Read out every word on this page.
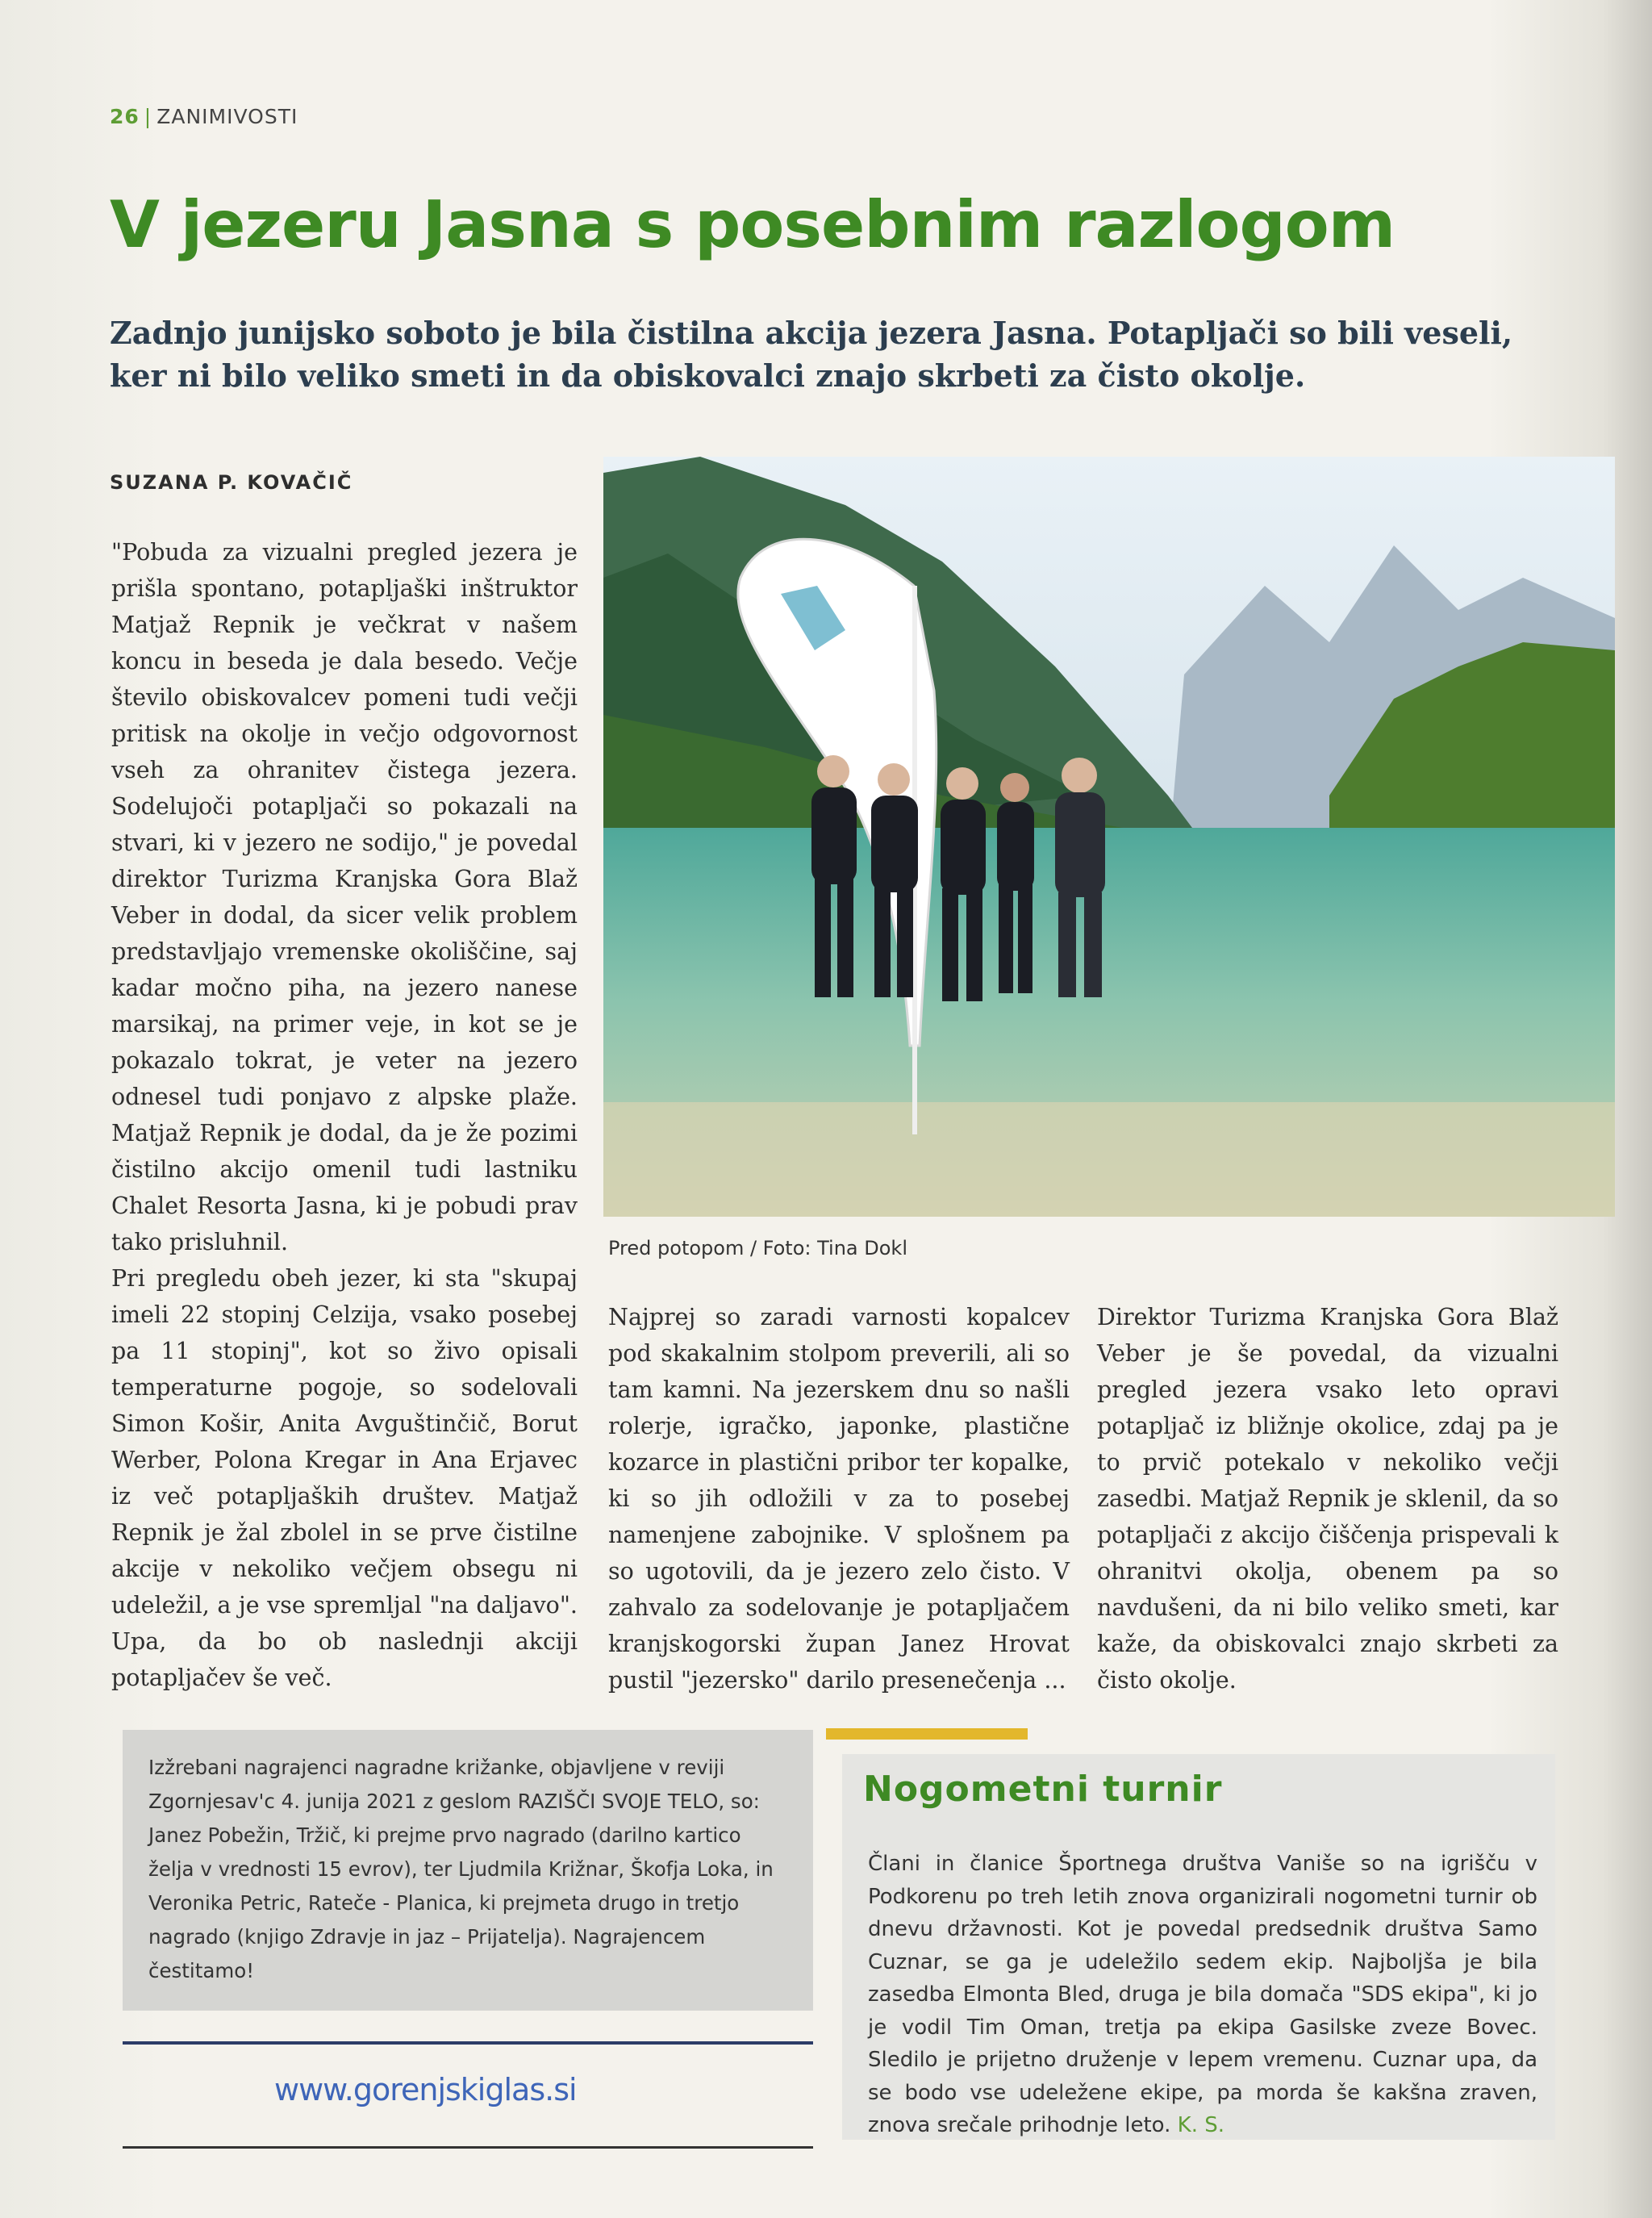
26 | ZANIMIVOSTI
V jezeru Jasna s posebnim razlogom
Zadnjo junijsko soboto je bila čistilna akcija jezera Jasna. Potapljači so bili veseli, ker ni bilo veliko smeti in da obiskovalci znajo skrbeti za čisto okolje.
SUZANA P. KOVAČIČ

"Pobuda za vizualni pregled jezera je prišla spontano, potapljaški inštruktor Matjaž Repnik je večkrat v našem koncu in beseda je dala besedo. Večje število obiskovalcev pomeni tudi večji pritisk na okolje in večjo odgovornost vseh za ohranitev čistega jezera. Sodelujoči potapljači so pokazali na stvari, ki v jezero ne sodijo," je povedal direktor Turizma Kranjska Gora Blaž Veber in dodal, da sicer velik problem predstavljajo vremenske okoliščine, saj kadar močno piha, na jezero nanese marsikaj, na primer veje, in kot se je pokazalo tokrat, je veter na jezero odnesel tudi ponjavo z alpske plaže. Matjaž Repnik je dodal, da je že pozimi čistilno akcijo omenil tudi lastniku Chalet Resorta Jasna, ki je pobudi prav tako prisluhnil.

Pri pregledu obeh jezer, ki sta "skupaj imeli 22 stopinj Celzija, vsako posebej pa 11 stopinj", kot so živo opisali temperaturne pogoje, so sodelovali Simon Košir, Anita Avguštinčič, Borut Werber, Polona Kregar in Ana Erjavec iz več potapljaških društev. Matjaž Repnik je žal zbolel in se prve čistilne akcije v nekoliko večjem obsegu ni udeležil, a je vse spremljal "na daljavo". Upa, da bo ob naslednji akciji potapljačev še več.

Pred potopom / Foto: Tina Dokl
Najprej so zaradi varnosti kopalcev pod skakalnim stolpom preverili, ali so tam kamni. Na jezerskem dnu so našli rolerje, igračko, japonke, plastične kozarce in plastični pribor ter kopalke, ki so jih odložili v za to posebej namenjene zabojnike. V splošnem pa so ugotovili, da je jezero zelo čisto. V zahvalo za sodelovanje je potapljačem kranjskogorski župan Janez Hrovat pustil "jezersko" darilo presenečenja ...
Direktor Turizma Kranjska Gora Blaž Veber je še povedal, da vizualni pregled jezera vsako leto opravi potapljač iz bližnje okolice, zdaj pa je to prvič potekalo v nekoliko večji zasedbi. Matjaž Repnik je sklenil, da so potapljači z akcijo čiščenja prispevali k ohranitvi okolja, obenem pa so navdušeni, da ni bilo veliko smeti, kar kaže, da obiskovalci znajo skrbeti za čisto okolje.

Izžrebani nagrajenci nagradne križanke, objavljene v reviji Zgornjesav'c 4. junija 2021 z geslom RAZIŠČI SVOJE TELO, so: Janez Pobežin, Tržič, ki prejme prvo nagrado (darilno kartico želja v vrednosti 15 evrov), ter Ljudmila Križnar, Škofja Loka, in Veronika Petric, Rateče - Planica, ki prejmeta drugo in tretjo nagrado (knjigo Zdravje in jaz – Prijatelja). Nagrajencem čestitamo!

www.gorenjskiglas.si
Nogometni turnir
Člani in članice Športnega društva Vaniše so na igrišču v Podkorenu po treh letih znova organizirali nogometni turnir ob dnevu državnosti. Kot je povedal predsednik društva Samo Cuznar, se ga je udeležilo sedem ekip. Najboljša je bila zasedba Elmonta Bled, druga je bila domača "SDS ekipa", ki jo je vodil Tim Oman, tretja pa ekipa Gasilske zveze Bovec. Sledilo je prijetno druženje v lepem vremenu. Cuznar upa, da se bodo vse udeležene ekipe, pa morda še kakšna zraven, znova srečale prihodnje leto. K. S.
